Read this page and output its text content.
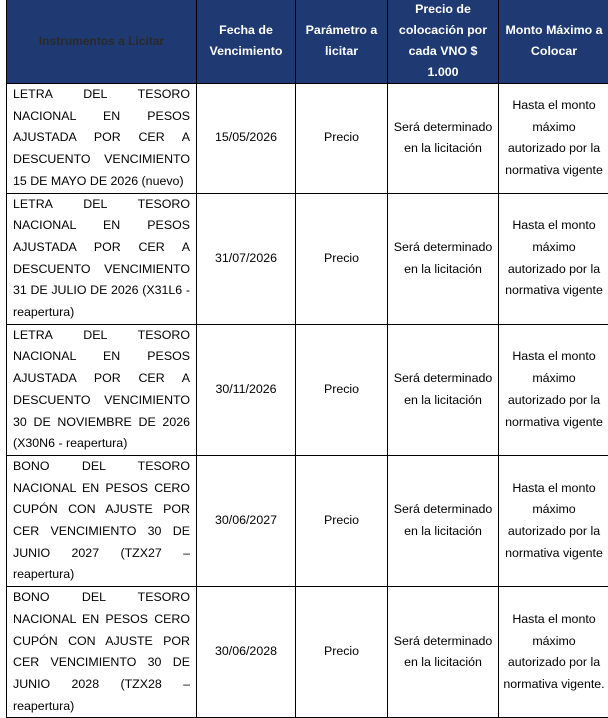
Instrumentos a Licitar	Fecha de Vencimiento	Parámetro a licitar	Precio de colocación por cada VNO $ 1.000	Monto Máximo a Colocar
LETRA DEL TESORO NACIONAL EN PESOS AJUSTADA POR CER A DESCUENTO VENCIMIENTO 15 DE MAYO DE 2026 (nuevo)	15/05/2026	Precio	Será determinado en la licitación	Hasta el monto máximo autorizado por la normativa vigente
LETRA DEL TESORO NACIONAL EN PESOS AJUSTADA POR CER A DESCUENTO VENCIMIENTO 31 DE JULIO DE 2026 (X31L6 - reapertura)	31/07/2026	Precio	Será determinado en la licitación	Hasta el monto máximo autorizado por la normativa vigente
LETRA DEL TESORO NACIONAL EN PESOS AJUSTADA POR CER A DESCUENTO VENCIMIENTO 30 DE NOVIEMBRE DE 2026 (X30N6 - reapertura)	30/11/2026	Precio	Será determinado en la licitación	Hasta el monto máximo autorizado por la normativa vigente
BONO DEL TESORO NACIONAL EN PESOS CERO CUPÓN CON AJUSTE POR CER VENCIMIENTO 30 DE JUNIO 2027 (TZX27 – reapertura)	30/06/2027	Precio	Será determinado en la licitación	Hasta el monto máximo autorizado por la normativa vigente
BONO DEL TESORO NACIONAL EN PESOS CERO CUPÓN CON AJUSTE POR CER VENCIMIENTO 30 DE JUNIO 2028 (TZX28 – reapertura)	30/06/2028	Precio	Será determinado en la licitación	Hasta el monto máximo autorizado por la normativa vigente.
